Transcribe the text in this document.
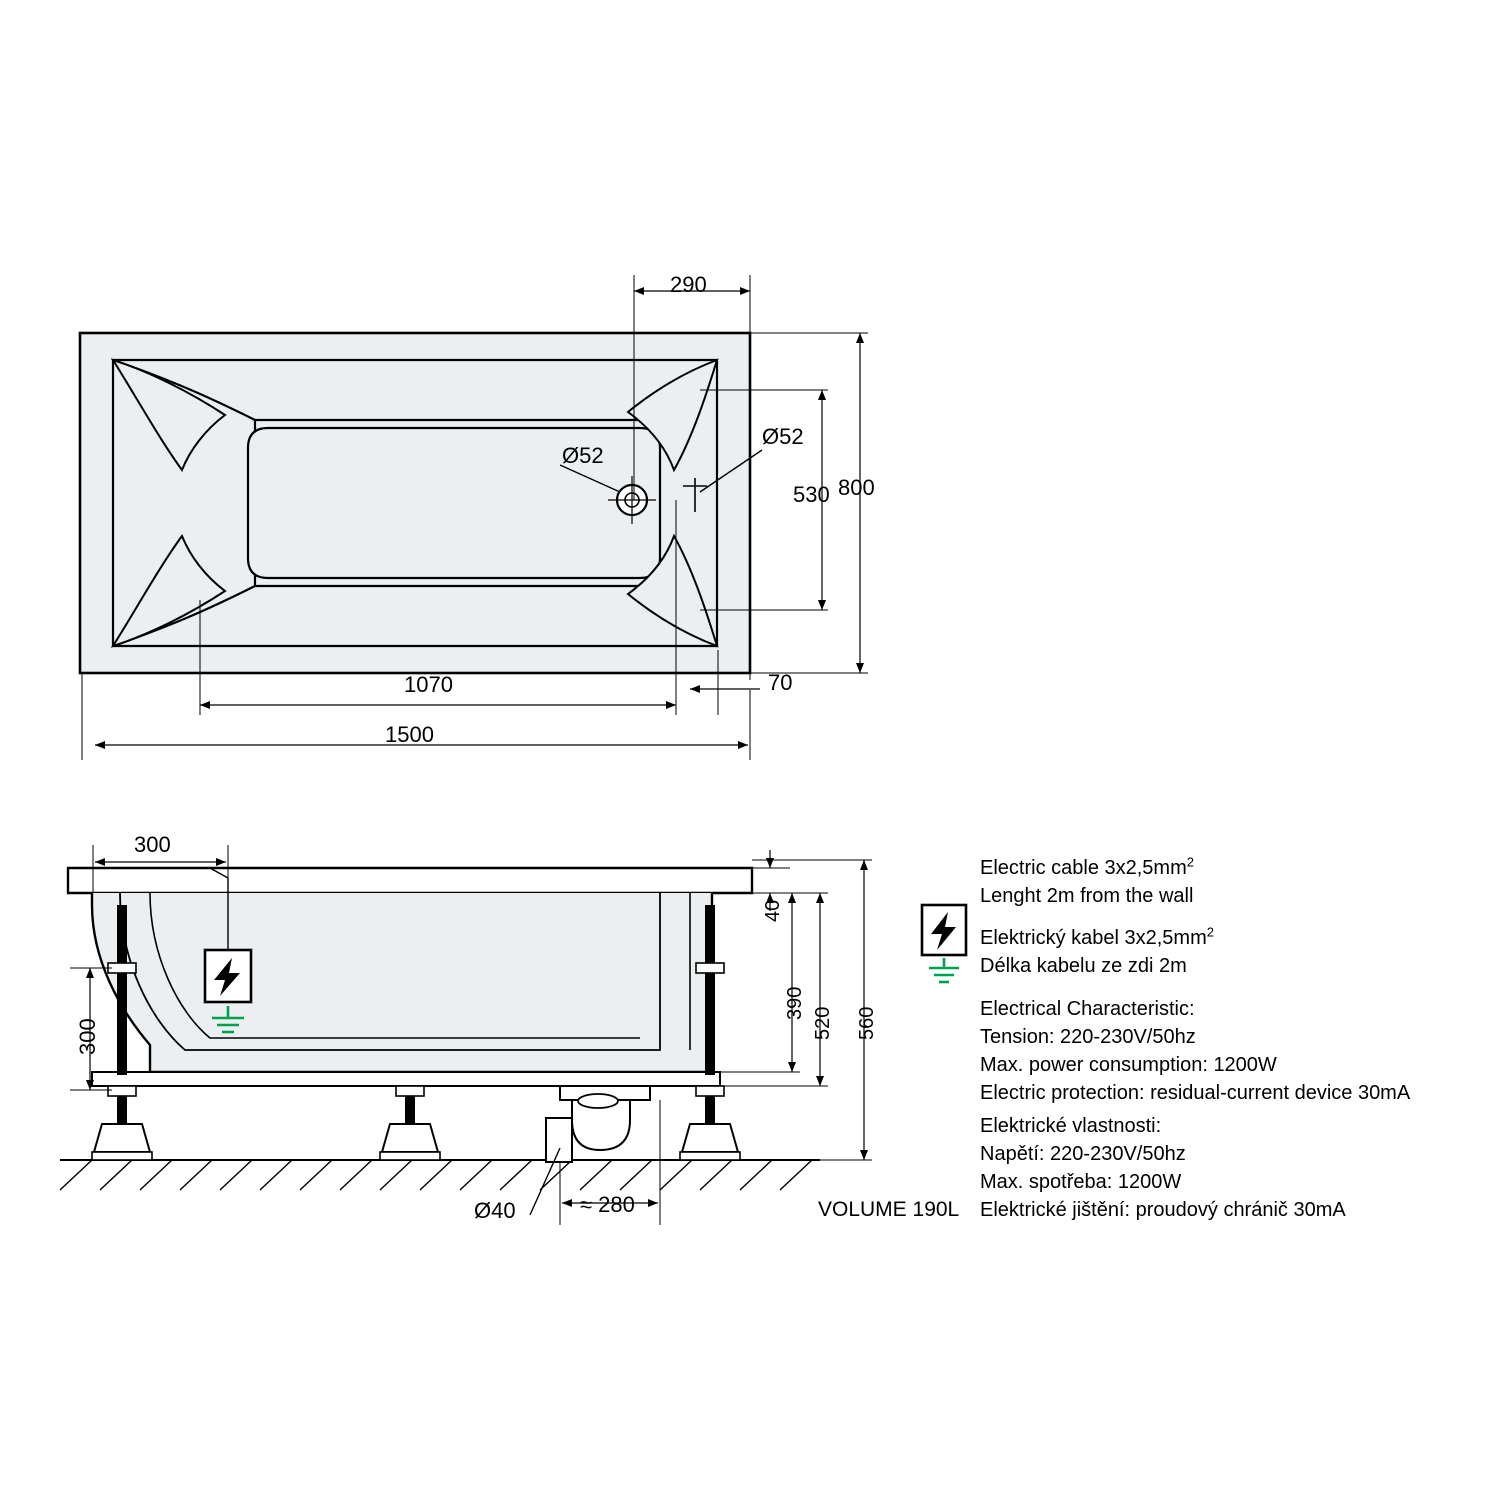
290
800
530
1070	70
1500
Ø52
Ø52
300
300
40
390
520 560
Ø40	≈ 280	VOLUME 190L
Electric cable $3x2,5mm^2$
Lenght 2m from the wall
Elektrický kabel $3x2,5mm^2$
Délka kabelu ze zdi 2m
Electrical Characteristic:
Tension: 220-230V/50hz
Max. power consumption: 1200W
Electric protection: residual-current device 30mA
Elektrické vlastnosti:
Napětí: 220-230V/50hz
Max. spotřeba: 1200W
Elektrické jištění: proudový chránič 30mA
